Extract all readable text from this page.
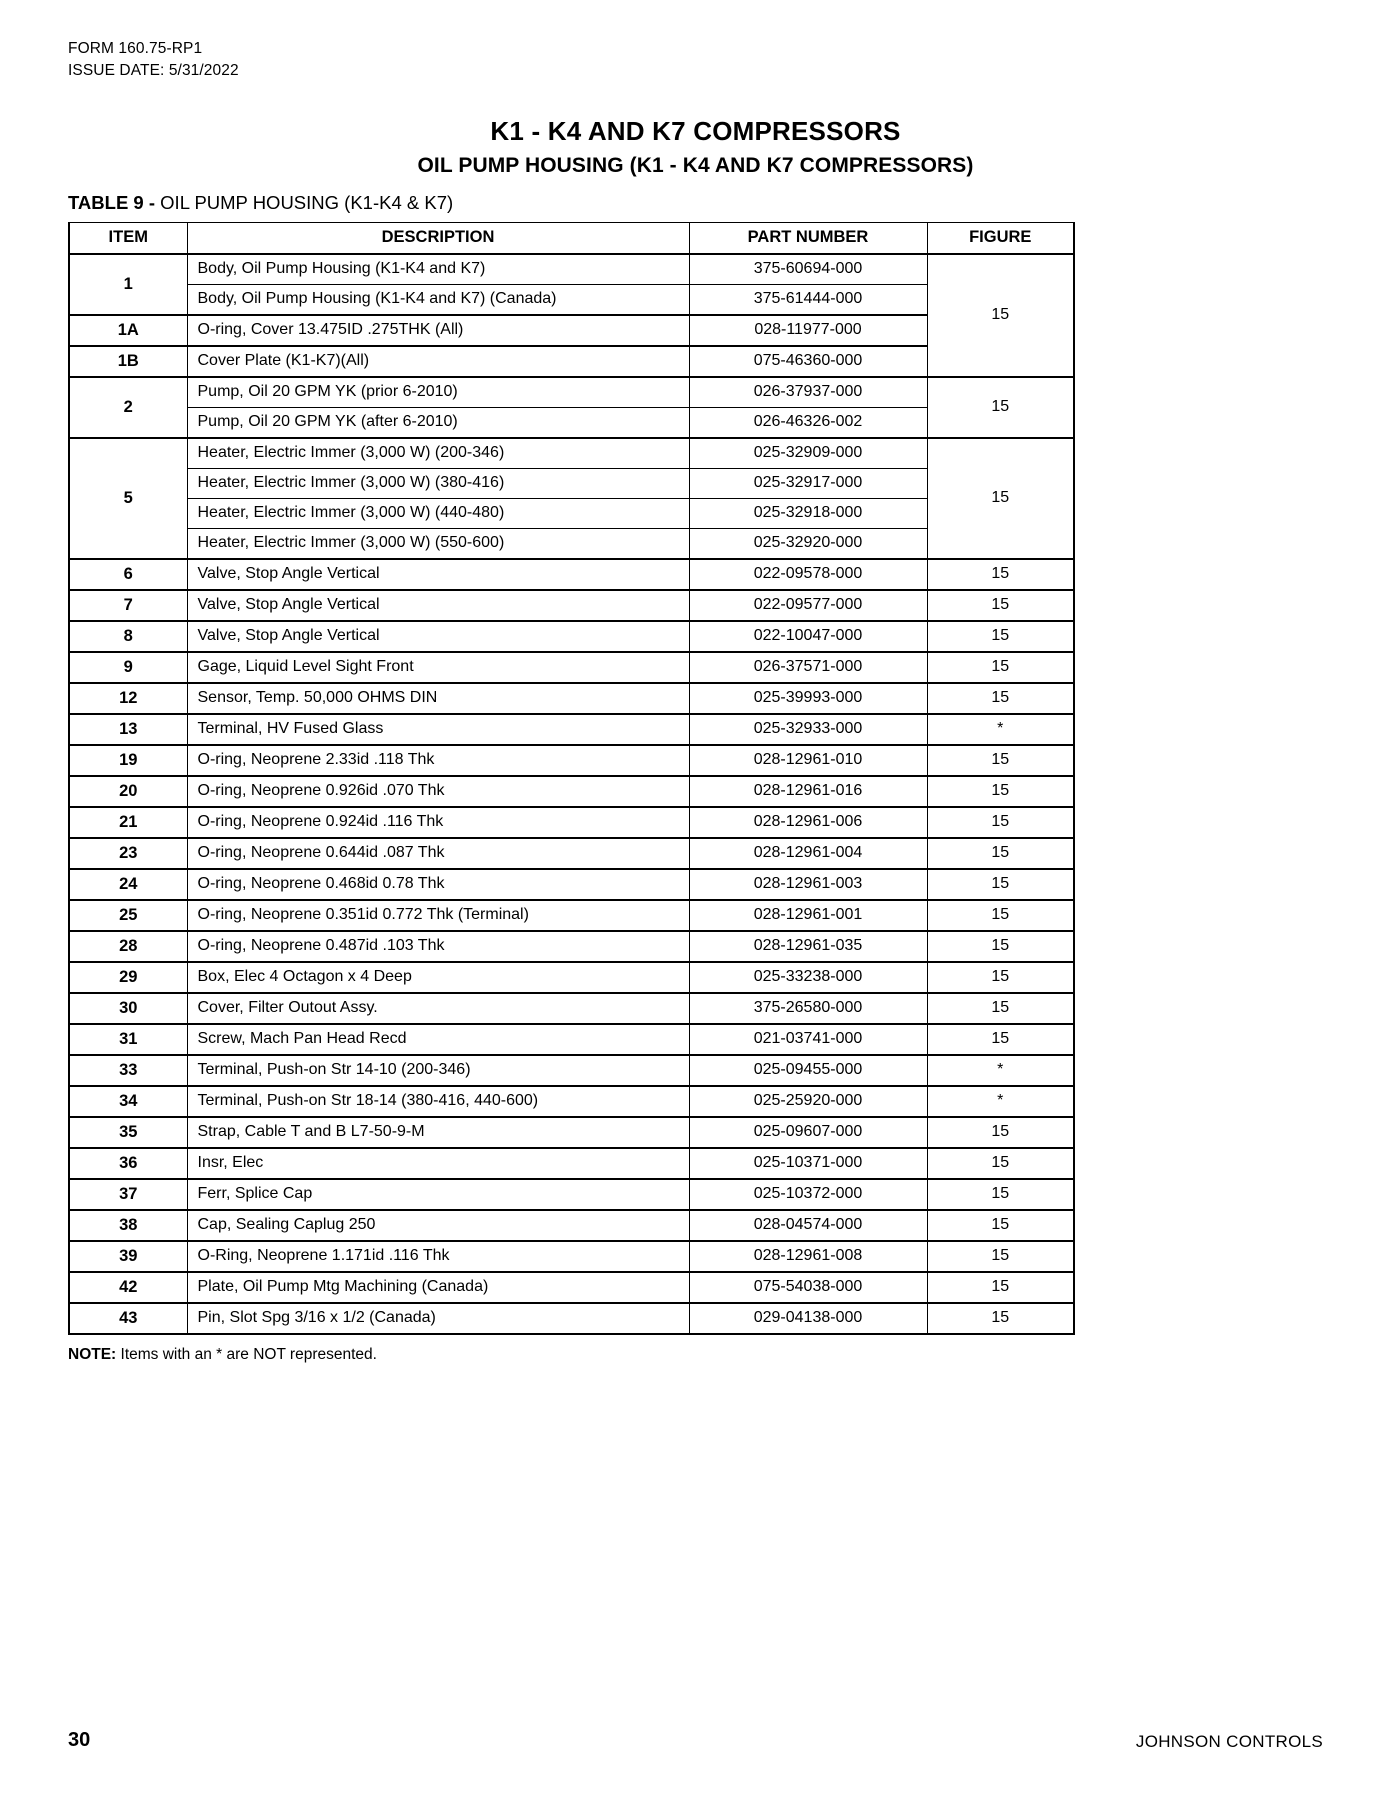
FORM 160.75-RP1
ISSUE DATE: 5/31/2022
K1 - K4 AND K7 COMPRESSORS
OIL PUMP HOUSING (K1 - K4 AND K7 COMPRESSORS)
TABLE 9 - OIL PUMP HOUSING (K1-K4 & K7)
ITEM	DESCRIPTION	PART NUMBER	FIGURE
1	Body, Oil Pump Housing (K1-K4 and K7)	375-60694-000	15
	Body, Oil Pump Housing (K1-K4 and K7) (Canada)	375-61444-000	
1A	O-ring, Cover 13.475ID .275THK (All)	028-11977-000	
1B	Cover Plate (K1-K7)(All)	075-46360-000	
2	Pump, Oil 20 GPM YK (prior 6-2010)	026-37937-000	15
	Pump, Oil 20 GPM YK (after 6-2010)	026-46326-002	
5	Heater, Electric Immer (3,000 W) (200-346)	025-32909-000	15
	Heater, Electric Immer (3,000 W) (380-416)	025-32917-000	
	Heater, Electric Immer (3,000 W) (440-480)	025-32918-000	
	Heater, Electric Immer (3,000 W) (550-600)	025-32920-000	
6	Valve, Stop Angle Vertical	022-09578-000	15
7	Valve, Stop Angle Vertical	022-09577-000	15
8	Valve, Stop Angle Vertical	022-10047-000	15
9	Gage, Liquid Level Sight Front	026-37571-000	15
12	Sensor, Temp. 50,000 OHMS DIN	025-39993-000	15
13	Terminal, HV Fused Glass	025-32933-000	*
19	O-ring, Neoprene 2.33id .118 Thk	028-12961-010	15
20	O-ring, Neoprene 0.926id .070 Thk	028-12961-016	15
21	O-ring, Neoprene 0.924id .116 Thk	028-12961-006	15
23	O-ring, Neoprene 0.644id .087 Thk	028-12961-004	15
24	O-ring, Neoprene 0.468id 0.78 Thk	028-12961-003	15
25	O-ring, Neoprene 0.351id 0.772 Thk (Terminal)	028-12961-001	15
28	O-ring, Neoprene 0.487id .103 Thk	028-12961-035	15
29	Box, Elec 4 Octagon x 4 Deep	025-33238-000	15
30	Cover, Filter Outout Assy.	375-26580-000	15
31	Screw, Mach Pan Head Recd	021-03741-000	15
33	Terminal, Push-on Str 14-10 (200-346)	025-09455-000	*
34	Terminal, Push-on Str 18-14 (380-416, 440-600)	025-25920-000	*
35	Strap, Cable T and B L7-50-9-M	025-09607-000	15
36	Insr, Elec	025-10371-000	15
37	Ferr, Splice Cap	025-10372-000	15
38	Cap, Sealing Caplug 250	028-04574-000	15
39	O-Ring, Neoprene 1.171id .116 Thk	028-12961-008	15
42	Plate, Oil Pump Mtg Machining (Canada)	075-54038-000	15
43	Pin, Slot Spg 3/16 x 1/2 (Canada)	029-04138-000	15
NOTE: Items with an * are NOT represented.
30	JOHNSON CONTROLS
